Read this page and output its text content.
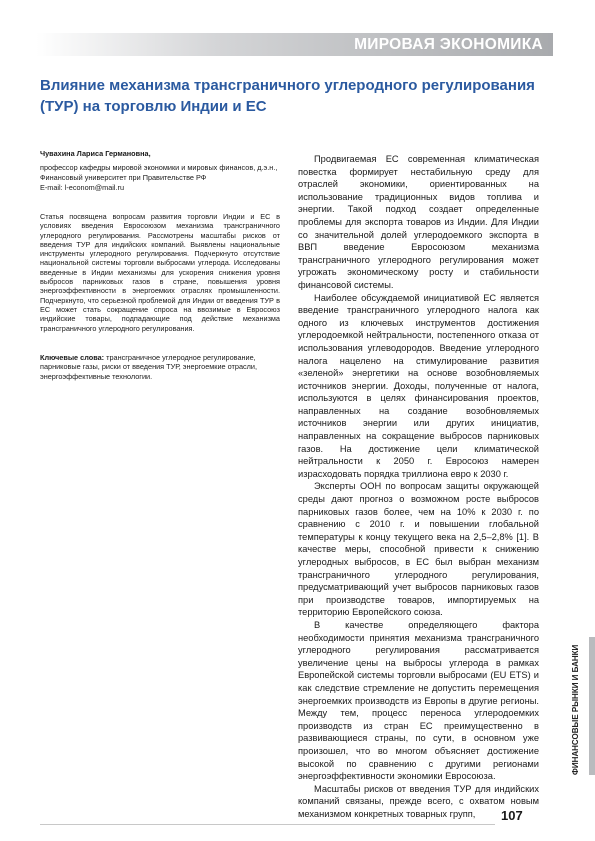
МИРОВАЯ ЭКОНОМИКА
Влияние механизма трансграничного углеродного регулирования (ТУР) на торговлю Индии и ЕС
Чувахина Лариса Германовна,
профессор кафедры мировой экономики и мировых финансов, д.э.н., Финансовый университет при Правительстве РФ
E-mail: l-econom@mail.ru

Статья посвящена вопросам развития торговли Индии и ЕС в условиях введения Евросоюзом механизма трансграничного углеродного регулирования. Рассмотрены масштабы рисков от введения ТУР для индийских компаний. Выявлены национальные инструменты углеродного регулирования. Подчеркнуто отсутствие национальной системы торговли выбросами углерода. Исследованы введенные в Индии механизмы для ускорения снижения уровня выбросов парниковых газов в стране, повышения уровня энергоэффективности в энергоемких отраслях промышленности. Подчеркнуто, что серьезной проблемой для Индии от введения ТУР в ЕС может стать сокращение спроса на ввозимые в Евросоюз индийские товары, подпадающие под действие механизма трансграничного углеродного регулирования.

Ключевые слова: трансграничное углеродное регулирование, парниковые газы, риски от введения ТУР, энергоемкие отрасли, энергоэффективные технологии.

Продвигаемая ЕС современная климатическая повестка формирует нестабильную среду для отраслей экономики, ориентированных на использование традиционных видов топлива и энергии. Такой подход создает определенные проблемы для экспорта товаров из Индии. Для Индии со значительной долей углеродоемкого экспорта в ВВП введение Евросоюзом механизма трансграничного углеродного регулирования может угрожать экономическому росту и стабильности финансовой системы.

Наиболее обсуждаемой инициативой ЕС является введение трансграничного углеродного налога как одного из ключевых инструментов достижения углеродоемкой нейтральности, постепенного отказа от использования углеводородов. Введение углеродного налога нацелено на стимулирование развития «зеленой» энергетики на основе возобновляемых источников энергии. Доходы, полученные от налога, используются в целях финансирования проектов, направленных на создание возобновляемых источников энергии или других инициатив, направленных на сокращение выбросов парниковых газов. На достижение цели климатической нейтральности к 2050 г. Евросоюз намерен израсходовать порядка триллиона евро к 2030 г.

Эксперты ООН по вопросам защиты окружающей среды дают прогноз о возможном росте выбросов парниковых газов более, чем на 10% к 2030 г. по сравнению с 2010 г. и повышении глобальной температуры к концу текущего века на 2,5–2,8% [1]. В качестве меры, способной привести к снижению углеродных выбросов, в ЕС был выбран механизм трансграничного углеродного регулирования, предусматривающий учет выбросов парниковых газов при производстве товаров, импортируемых на территорию Европейского союза.

В качестве определяющего фактора необходимости принятия механизма трансграничного углеродного регулирования рассматривается увеличение цены на выбросы углерода в рамках Европейской системы торговли выбросами (EU ETS) и как следствие стремление не допустить перемещения энергоемких производств из Европы в другие регионы. Между тем, процесс переноса углеродоемких производств из стран ЕС преимущественно в развивающиеся страны, по сути, в основном уже произошел, что во многом объясняет достижение высокой по сравнению с другими регионами энергоэффективности экономики Евросоюза.

Масштабы рисков от введения ТУР для индийских компаний связаны, прежде всего, с охватом новым механизмом конкретных товарных групп,

ФИНАНСОВЫЕ РЫНКИ И БАНКИ
107
